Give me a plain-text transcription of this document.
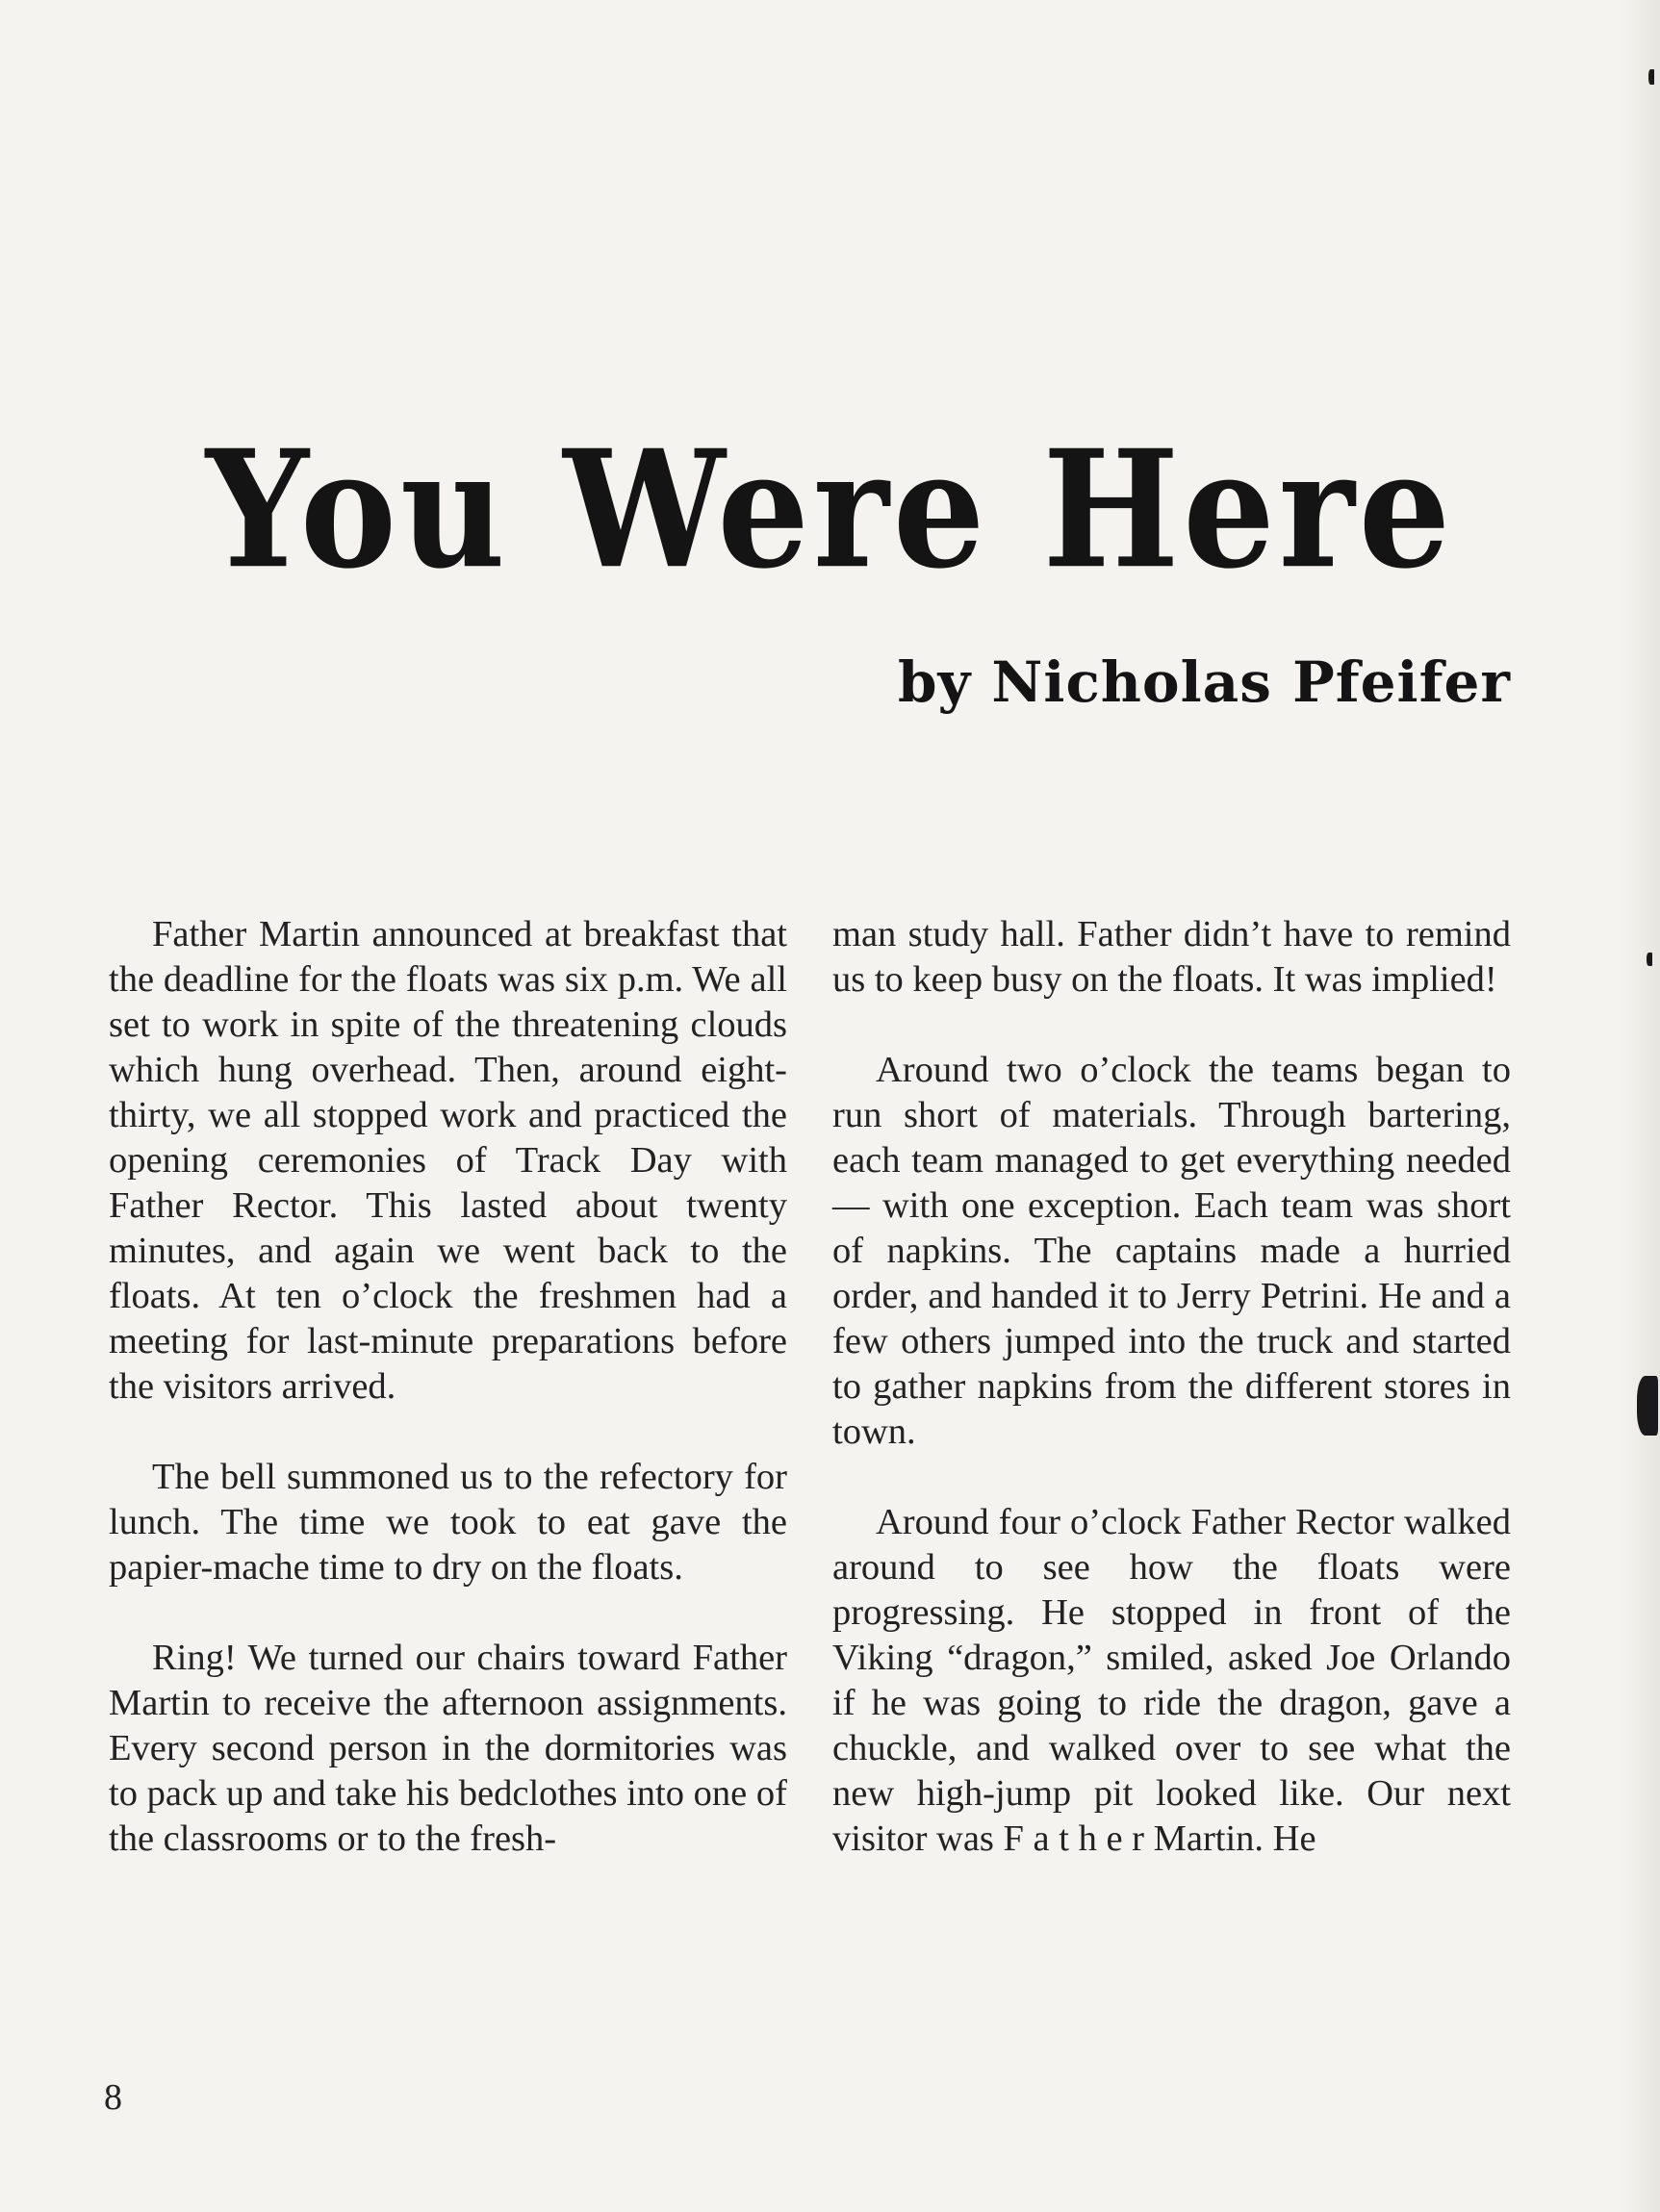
You Were Here
by Nicholas Pfeifer

Father Martin announced at breakfast that the deadline for the floats was six p.m. We all set to work in spite of the threatening clouds which hung overhead. Then, around eight-thirty, we all stopped work and practiced the opening ceremonies of Track Day with Father Rector. This lasted about twenty minutes, and again we went back to the floats. At ten o’clock the freshmen had a meeting for last-minute preparations before the visitors arrived.

The bell summoned us to the refectory for lunch. The time we took to eat gave the papier-mache time to dry on the floats.

Ring! We turned our chairs toward Father Martin to receive the afternoon assignments. Every second person in the dormitories was to pack up and take his bedclothes into one of the classrooms or to the fresh-

man study hall. Father didn’t have to remind us to keep busy on the floats. It was implied!

Around two o’clock the teams began to run short of materials. Through bartering, each team managed to get everything needed — with one exception. Each team was short of napkins. The captains made a hurried order, and handed it to Jerry Petrini. He and a few others jumped into the truck and started to gather napkins from the different stores in town.

Around four o’clock Father Rector walked around to see how the floats were progressing. He stopped in front of the Viking “dragon,” smiled, asked Joe Orlando if he was going to ride the dragon, gave a chuckle, and walked over to see what the new high-jump pit looked like. Our next visitor was F a t h e r Martin. He

8
